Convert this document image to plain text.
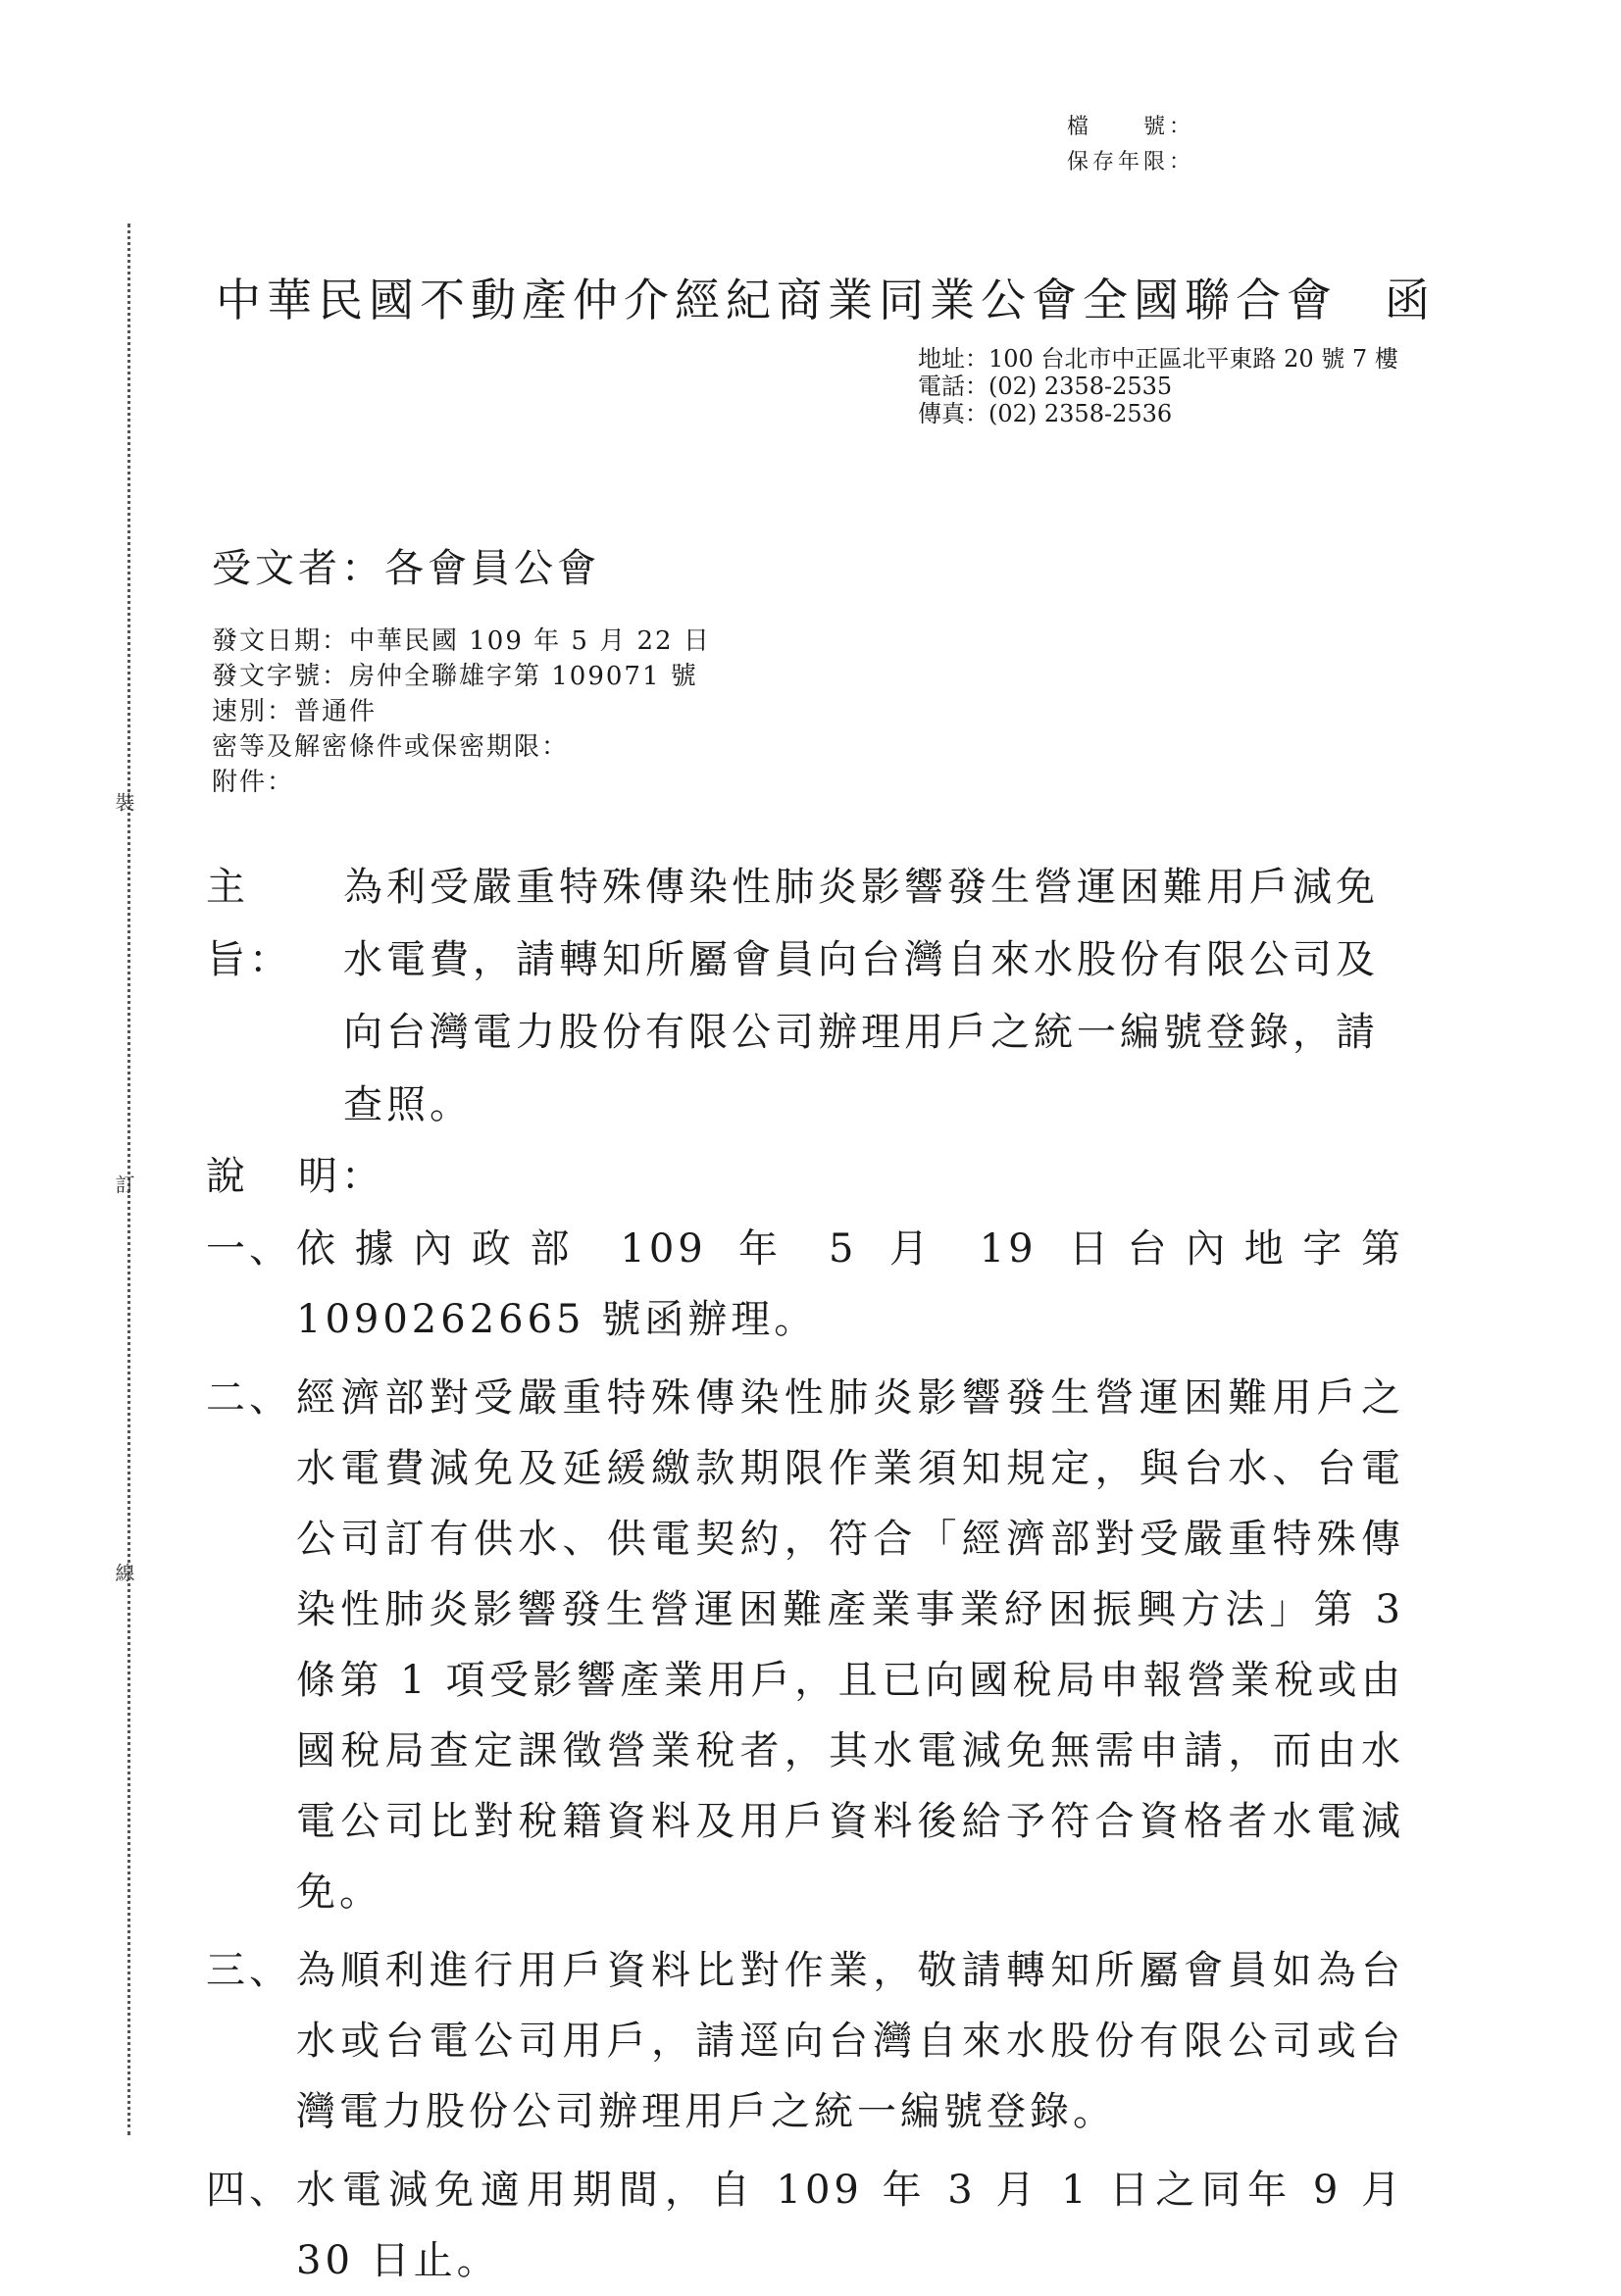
裝
訂
線
檔　　號：
保存年限：
中華民國不動產仲介經紀商業同業公會全國聯合會 函
地址：100 台北市中正區北平東路 20 號 7 樓
電話：(02) 2358-2535
傳真：(02) 2358-2536
受文者：各會員公會
發文日期：中華民國 109 年 5 月 22 日
發文字號：房仲全聯雄字第 109071 號
速別：普通件
密等及解密條件或保密期限：
附件：
主旨：
為利受嚴重特殊傳染性肺炎影響發生營運困難用戶減免水電費，請轉知所屬會員向台灣自來水股份有限公司及向台灣電力股份有限公司辦理用戶之統一編號登錄，請查照。
說 明：
一、 依據內政部 109 年 5 月 19 日台內地字第 1090262665 號函辦理。
二、 經濟部對受嚴重特殊傳染性肺炎影響發生營運困難用戶之水電費減免及延緩繳款期限作業須知規定，與台水、台電公司訂有供水、供電契約，符合「經濟部對受嚴重特殊傳染性肺炎影響發生營運困難產業事業紓困振興方法」第 3 條第 1 項受影響產業用戶，且已向國稅局申報營業稅或由國稅局查定課徵營業稅者，其水電減免無需申請，而由水電公司比對稅籍資料及用戶資料後給予符合資格者水電減免。
三、 為順利進行用戶資料比對作業，敬請轉知所屬會員如為台水或台電公司用戶，請逕向台灣自來水股份有限公司或台灣電力股份公司辦理用戶之統一編號登錄。
四、 水電減免適用期間，自 109 年 3 月 1 日之同年 9 月 30 日止。
